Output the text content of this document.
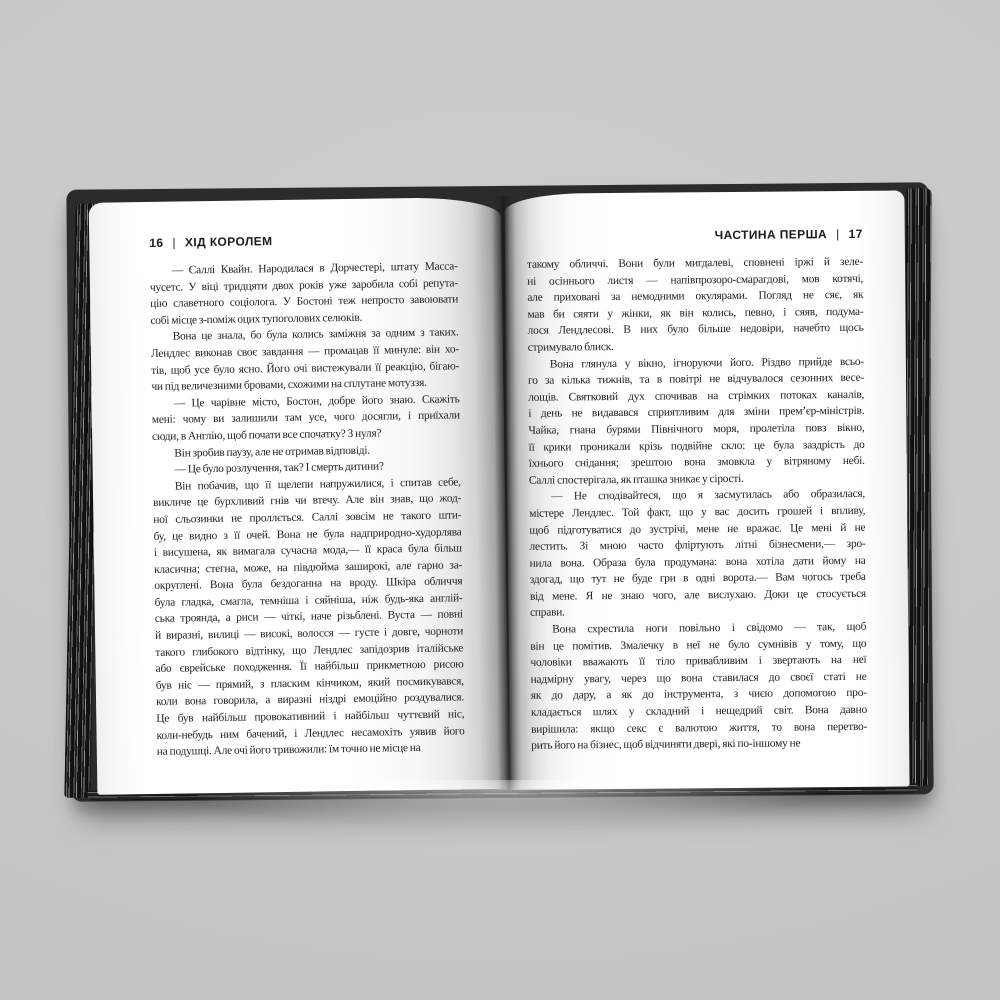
16 | ХІД КОРОЛЕМ
— Саллі Квайн. Народилася в Дорчестері, штату Масса-
чусетс. У віці тридцяти двох років уже заробила собі репута-
цію славетного соціолога. У Бостоні теж непросто завоювати
собі місце з-поміж оцих тупоголових селюків.
Вона це знала, бо була колись заміжня за одним з таких.
Лендлес виконав своє завдання — промацав її минуле: він хо-
тів, щоб усе було ясно. Його очі вистежували її реакцію, бігаю-
чи під величезними бровами, схожими на сплутане мотуззя.
— Це чарівне місто, Бостон, добре його знаю. Скажіть
мені: чому ви залишили там усе, чого досягли, і приїхали
сюди, в Англію, щоб почати все спочатку? З нуля?
Він зробив паузу, але не отримав відповіді.
— Це було розлучення, так? І смерть дитини?
Він побачив, що її щелепи напружилися, і спитав себе,
викличе це бурхливий гнів чи втечу. Але він знав, що жод-
ної сльозинки не проллється. Саллі зовсім не такого шти-
бу, це видно з її очей. Вона не була надприродно-худорлява
і висушена, як вимагала сучасна мода,— її краса була більш
класична; стегна, може, на півдюйма заширокі, але гарно за-
округлені. Вона була бездоганна на вроду. Шкіра обличчя
була гладка, смагла, темніша і сяйніша, ніж будь-яка англій-
ська троянда, а риси — чіткі, наче різьблені. Вуста — повні
й виразні, вилиці — високі, волосся — густе і довге, чорноти
такого глибокого відтінку, що Лендлес запідозрив італійське
або єврейське походження. Її найбільш прикметною рисою
був ніс — прямий, з пласким кінчиком, який посмикувався,
коли вона говорила, а виразні ніздрі емоційно роздувалися.
Це був найбільш провокативний і найбільш чуттєвий ніс,
коли-небудь ним бачений, і Лендлес несамохіть уявив його
на подушці. Але очі його тривожили: їм точно не місце на
ЧАСТИНА ПЕРША | 17
такому обличчі. Вони були мигдалеві, сповнені іржі й зеле-
ні осіннього листя — напівпрозоро-смарагдові, мов котячі,
але приховані за немодними окулярами. Погляд не сяє, як
мав би сяяти у жінки, як він колись, певно, і сяяв, подума-
лося Лендлесові. В них було більше недовіри, начебто щось
стримувало блиск.
Вона глянула у вікно, ігноруючи його. Різдво прийде всьо-
го за кілька тижнів, та в повітрі не відчувалося сезонних весе-
лощів. Святковий дух спочивав на стрімких потоках каналів,
і день не видавався сприятливим для зміни прем’єр-міністрів.
Чайка, гнана бурями Північного моря, пролетіла повз вікно,
її крики проникали крізь подвійне скло: це була заздрість до
їхнього снідання; зрештою вона змовкла у вітряному небі.
Саллі спостерігала, як пташка зникає у сірості.
— Не сподівайтеся, що я засмутилась або образилася,
містере Лендлес. Той факт, що у вас досить грошей і впливу,
щоб підготуватися до зустрічі, мене не вражає. Це мені й не
лестить. Зі мною часто фліртують літні бізнесмени,— зро-
нила вона. Образа була продумана: вона хотіла дати йому на
здогад, що тут не буде гри в одні ворота.— Вам чогось треба
від мене. Я не знаю чого, але вислухаю. Доки це стосується
справи.
Вона схрестила ноги повільно і свідомо — так, щоб
він це помітив. Змалечку в неї не було сумнівів у тому, що
чоловіки вважають її тіло привабливим і звертають на неї
надмірну увагу, через що вона ставилася до своєї статі не
як до дару, а як до інструмента, з чиєю допомогою про-
кладається шлях у складний і нещедрий світ. Вона давно
вирішила: якщо секс є валютою життя, то вона перетво-
рить його на бізнес, щоб відчиняти двері, які по-іншому не
